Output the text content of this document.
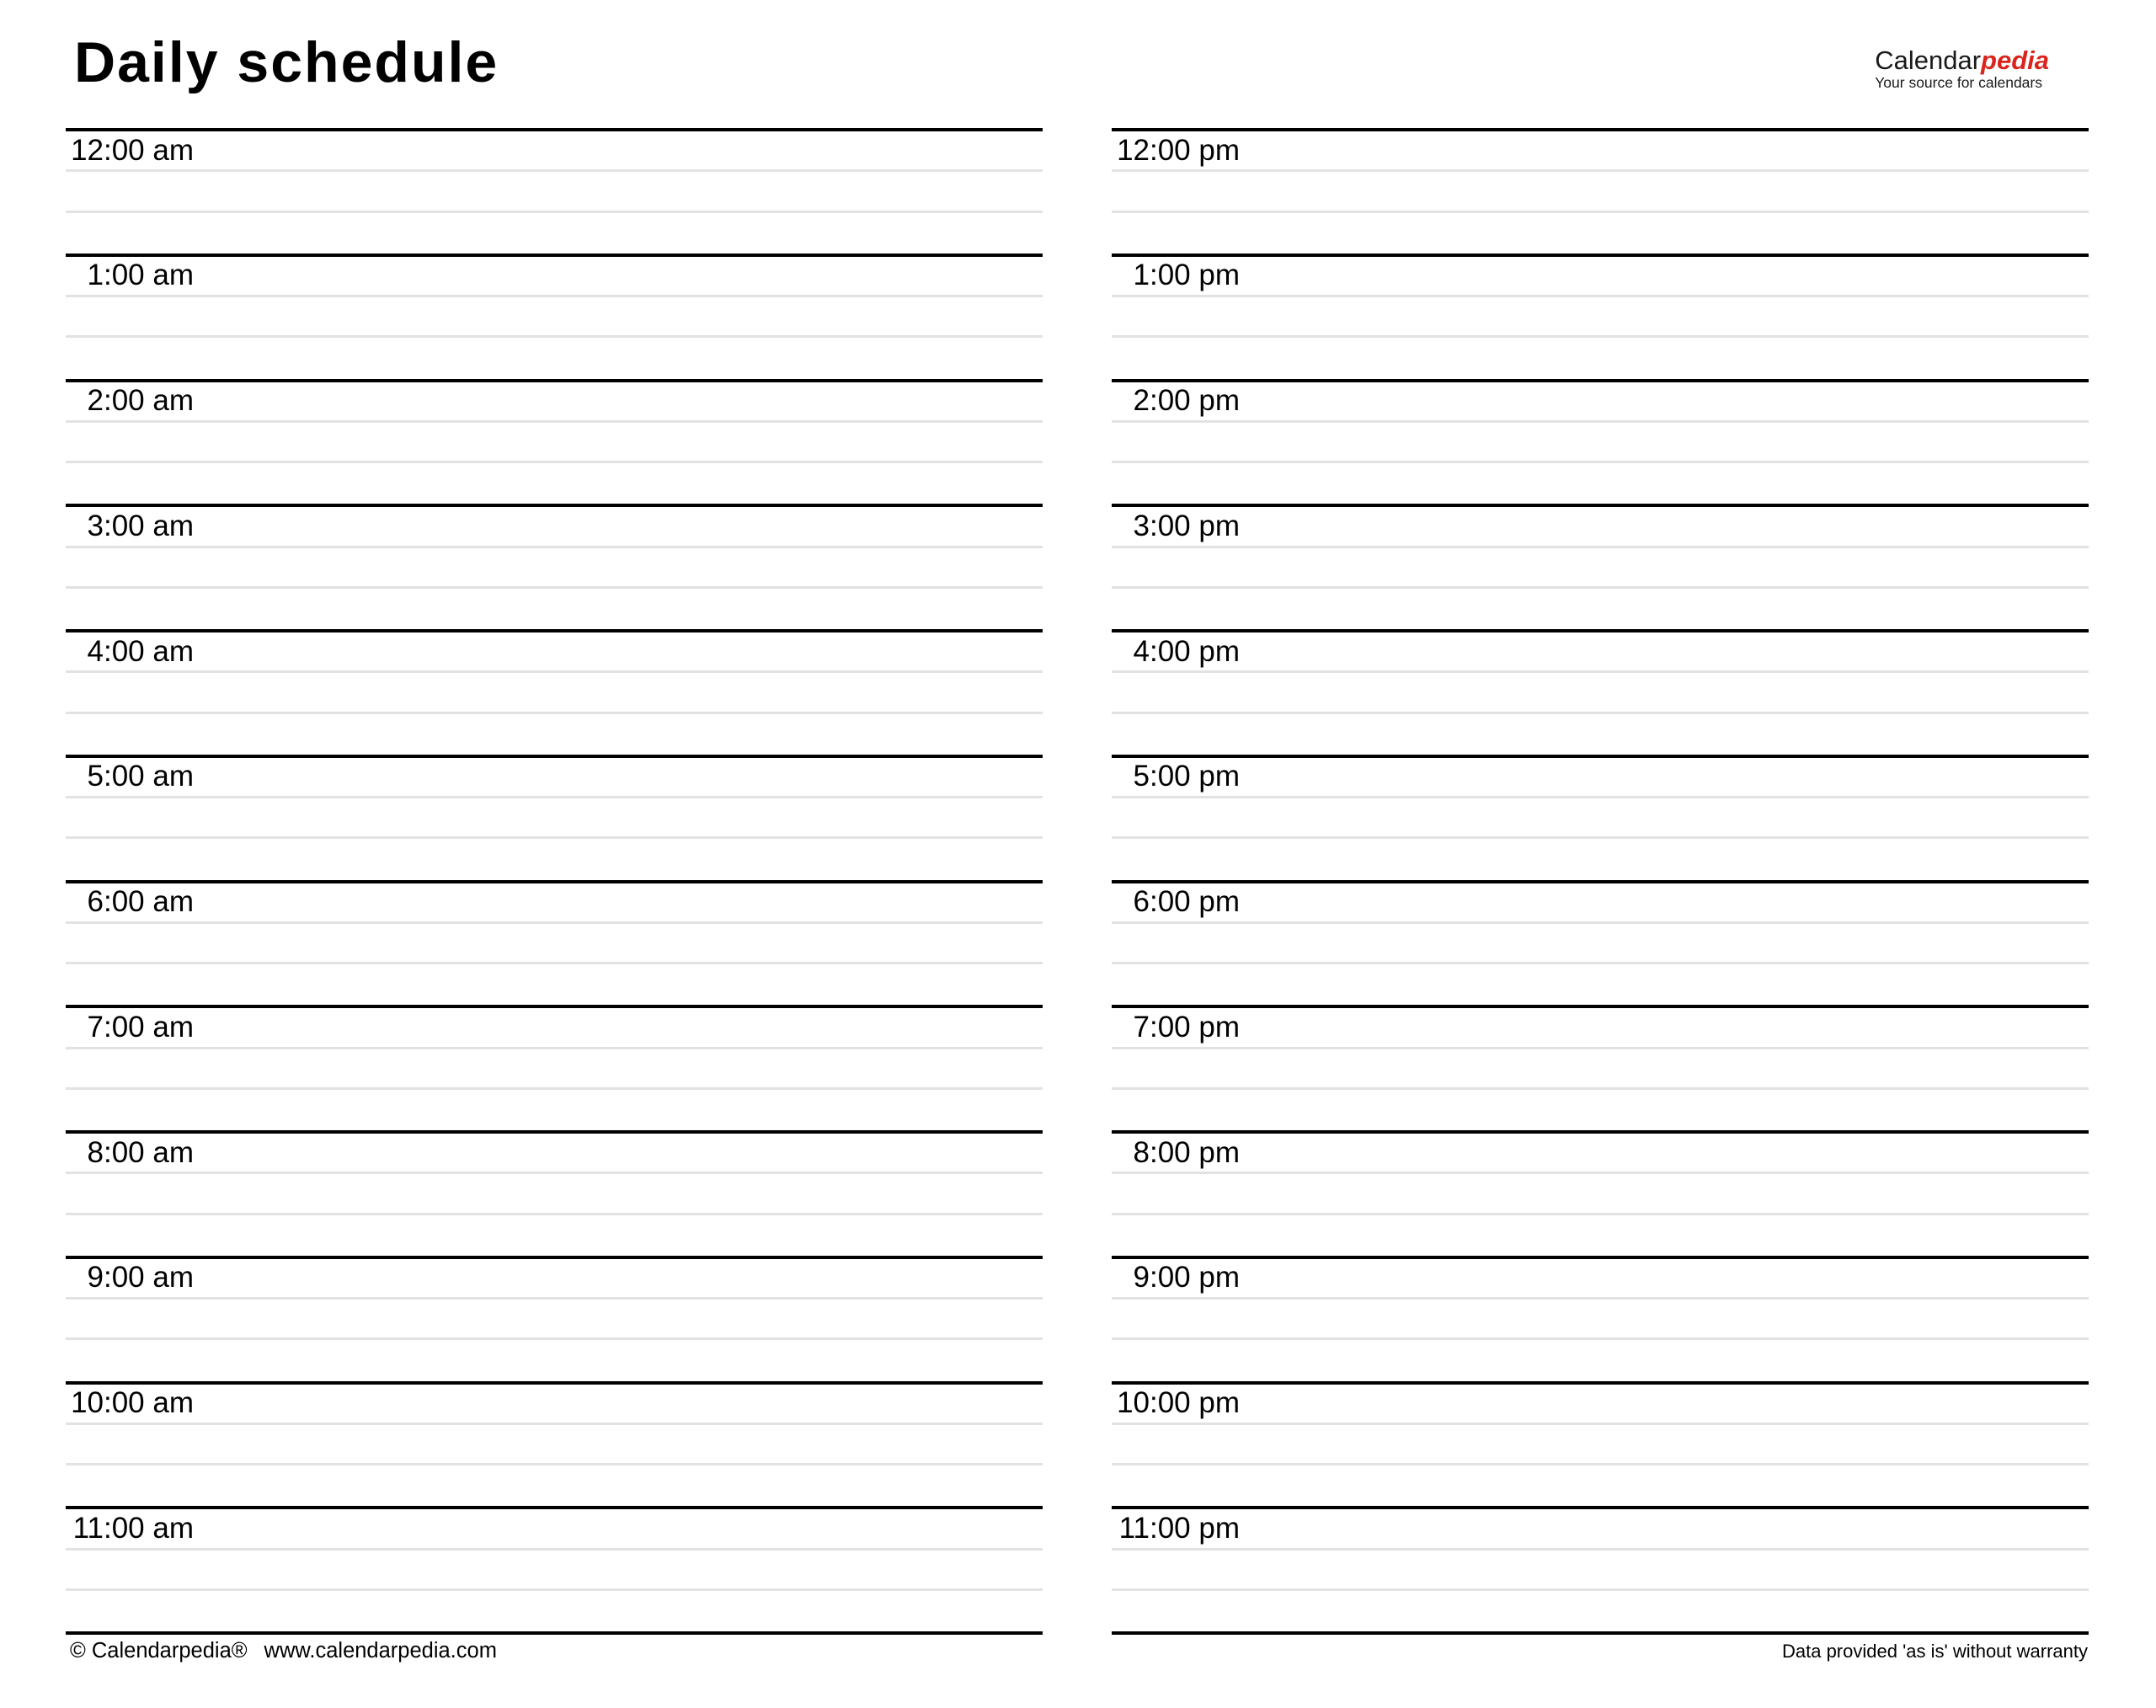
Daily schedule	Calendarpedia
Your source for calendars
12:00 am
1:00 am
2:00 am
3:00 am
4:00 am
5:00 am
6:00 am
7:00 am
8:00 am
9:00 am
10:00 am
11:00 am
12:00 pm
1:00 pm
2:00 pm
3:00 pm
4:00 pm
5:00 pm
6:00 pm
7:00 pm
8:00 pm
9:00 pm
10:00 pm
11:00 pm
© Calendarpedia® www.calendarpedia.com	Data provided 'as is' without warranty
